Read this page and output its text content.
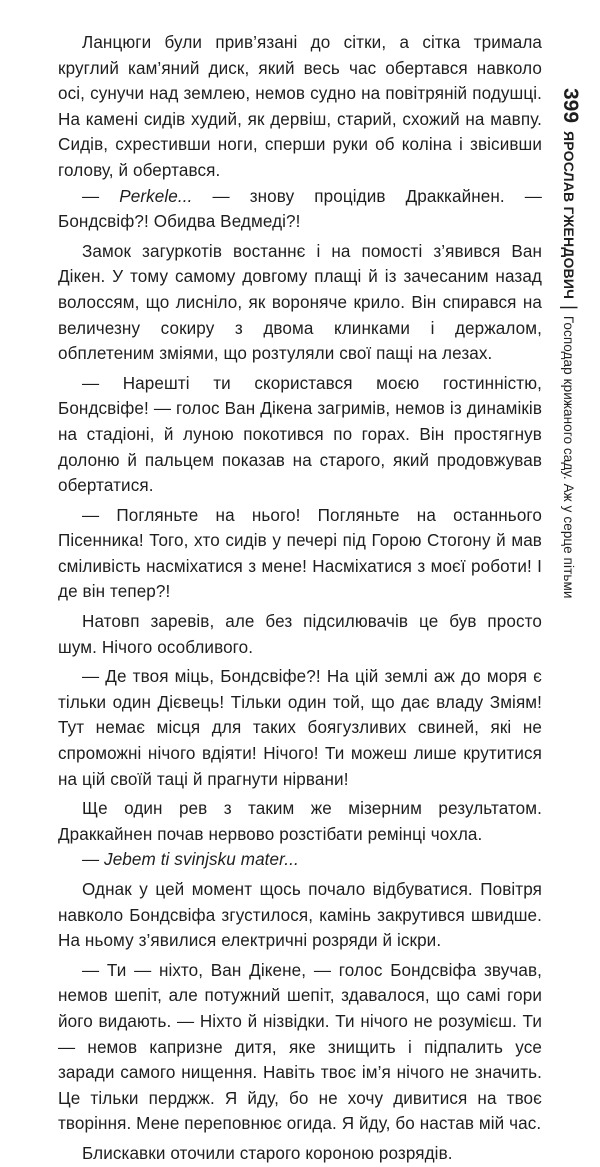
Ланцюги були прив’язані до сітки, а сітка тримала круглий кам’яний диск, який весь час обертався навколо осі, сунучи над землею, немов судно на повітряній подушці. На камені сидів худий, як дервіш, старий, схожий на мавпу. Сидів, схрестивши ноги, сперши руки об коліна і звісивши голову, й обертався.

— Perkele... — знову процідив Драккайнен. — Бондсвіф?! Обидва Ведмеді?!

Замок загуркотів востаннє і на помості з’явився Ван Дікен. У тому самому довгому плащі й із зачесаним назад волоссям, що лисніло, як вороняче крило. Він спирався на величезну сокиру з двома клинками і держалом, обплетеним зміями, що розтуляли свої пащі на лезах.

— Нарешті ти скористався моєю гостинністю, Бондсвіфе! — голос Ван Дікена загримів, немов із динаміків на стадіоні, й луною покотився по горах. Він простягнув долоню й пальцем показав на старого, який продовжував обертатися.

— Погляньте на нього! Погляньте на останнього Пісенника! Того, хто сидів у печері під Горою Стогону й мав сміливість насміхатися з мене! Насміхатися з моєї роботи! І де він тепер?!

Натовп заревів, але без підсилювачів це був просто шум. Нічого особливого.

— Де твоя міць, Бондсвіфе?! На цій землі аж до моря є тільки один Дієвець! Тільки один той, що дає владу Зміям! Тут немає місця для таких боягузливих свиней, які не спроможні нічого вдіяти! Нічого! Ти можеш лише крутитися на цій своїй таці й прагнути нірвани!

Ще один рев з таким же мізерним результатом. Драккайнен почав нервово розстібати ремінці чохла.

— Jebem ti svinjsku mater...

Однак у цей момент щось почало відбуватися. Повітря навколо Бондсвіфа згустилося, камінь закрутився швидше. На ньому з’явилися електричні розряди й іскри.

— Ти — ніхто, Ван Дікене, — голос Бондсвіфа звучав, немов шепіт, але потужний шепіт, здавалося, що самі гори його видають. — Ніхто й нізвідки. Ти нічого не розумієш. Ти — немов капризне дитя, яке знищить і підпалить усе заради самого нищення. Навіть твоє ім’я нічого не значить. Це тільки перджж. Я йду, бо не хочу дивитися на твоє творіння. Мене переповнює огида. Я йду, бо настав мій час.

Блискавки оточили старого короною розрядів.

399ЯРОСЛАВ ГЖЕНДОВИЧ|Господар крижаного саду. Аж у серце пітьми
